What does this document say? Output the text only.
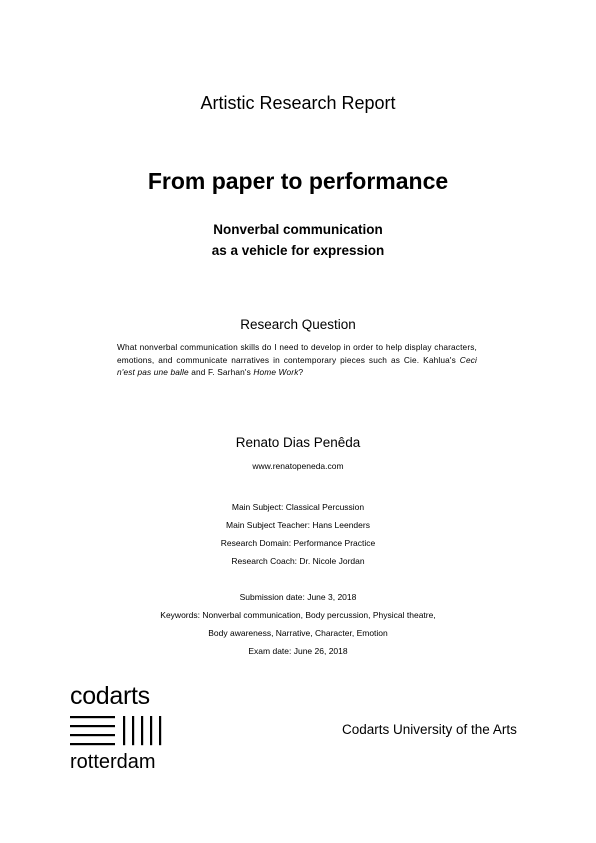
Artistic Research Report
From paper to performance
Nonverbal communication
as a vehicle for expression
Research Question
What nonverbal communication skills do I need to develop in order to help display characters, emotions, and communicate narratives in contemporary pieces such as Cie. Kahlua's Ceci n'est pas une balle and F. Sarhan's Home Work?
Renato Dias Penêda
www.renatopeneda.com
Main Subject: Classical Percussion
Main Subject Teacher: Hans Leenders
Research Domain: Performance Practice
Research Coach: Dr. Nicole Jordan
Submission date: June 3, 2018
Keywords: Nonverbal communication, Body percussion, Physical theatre,
Body awareness, Narrative, Character, Emotion
Exam date: June 26, 2018
codarts
rotterdam
Codarts University of the Arts
